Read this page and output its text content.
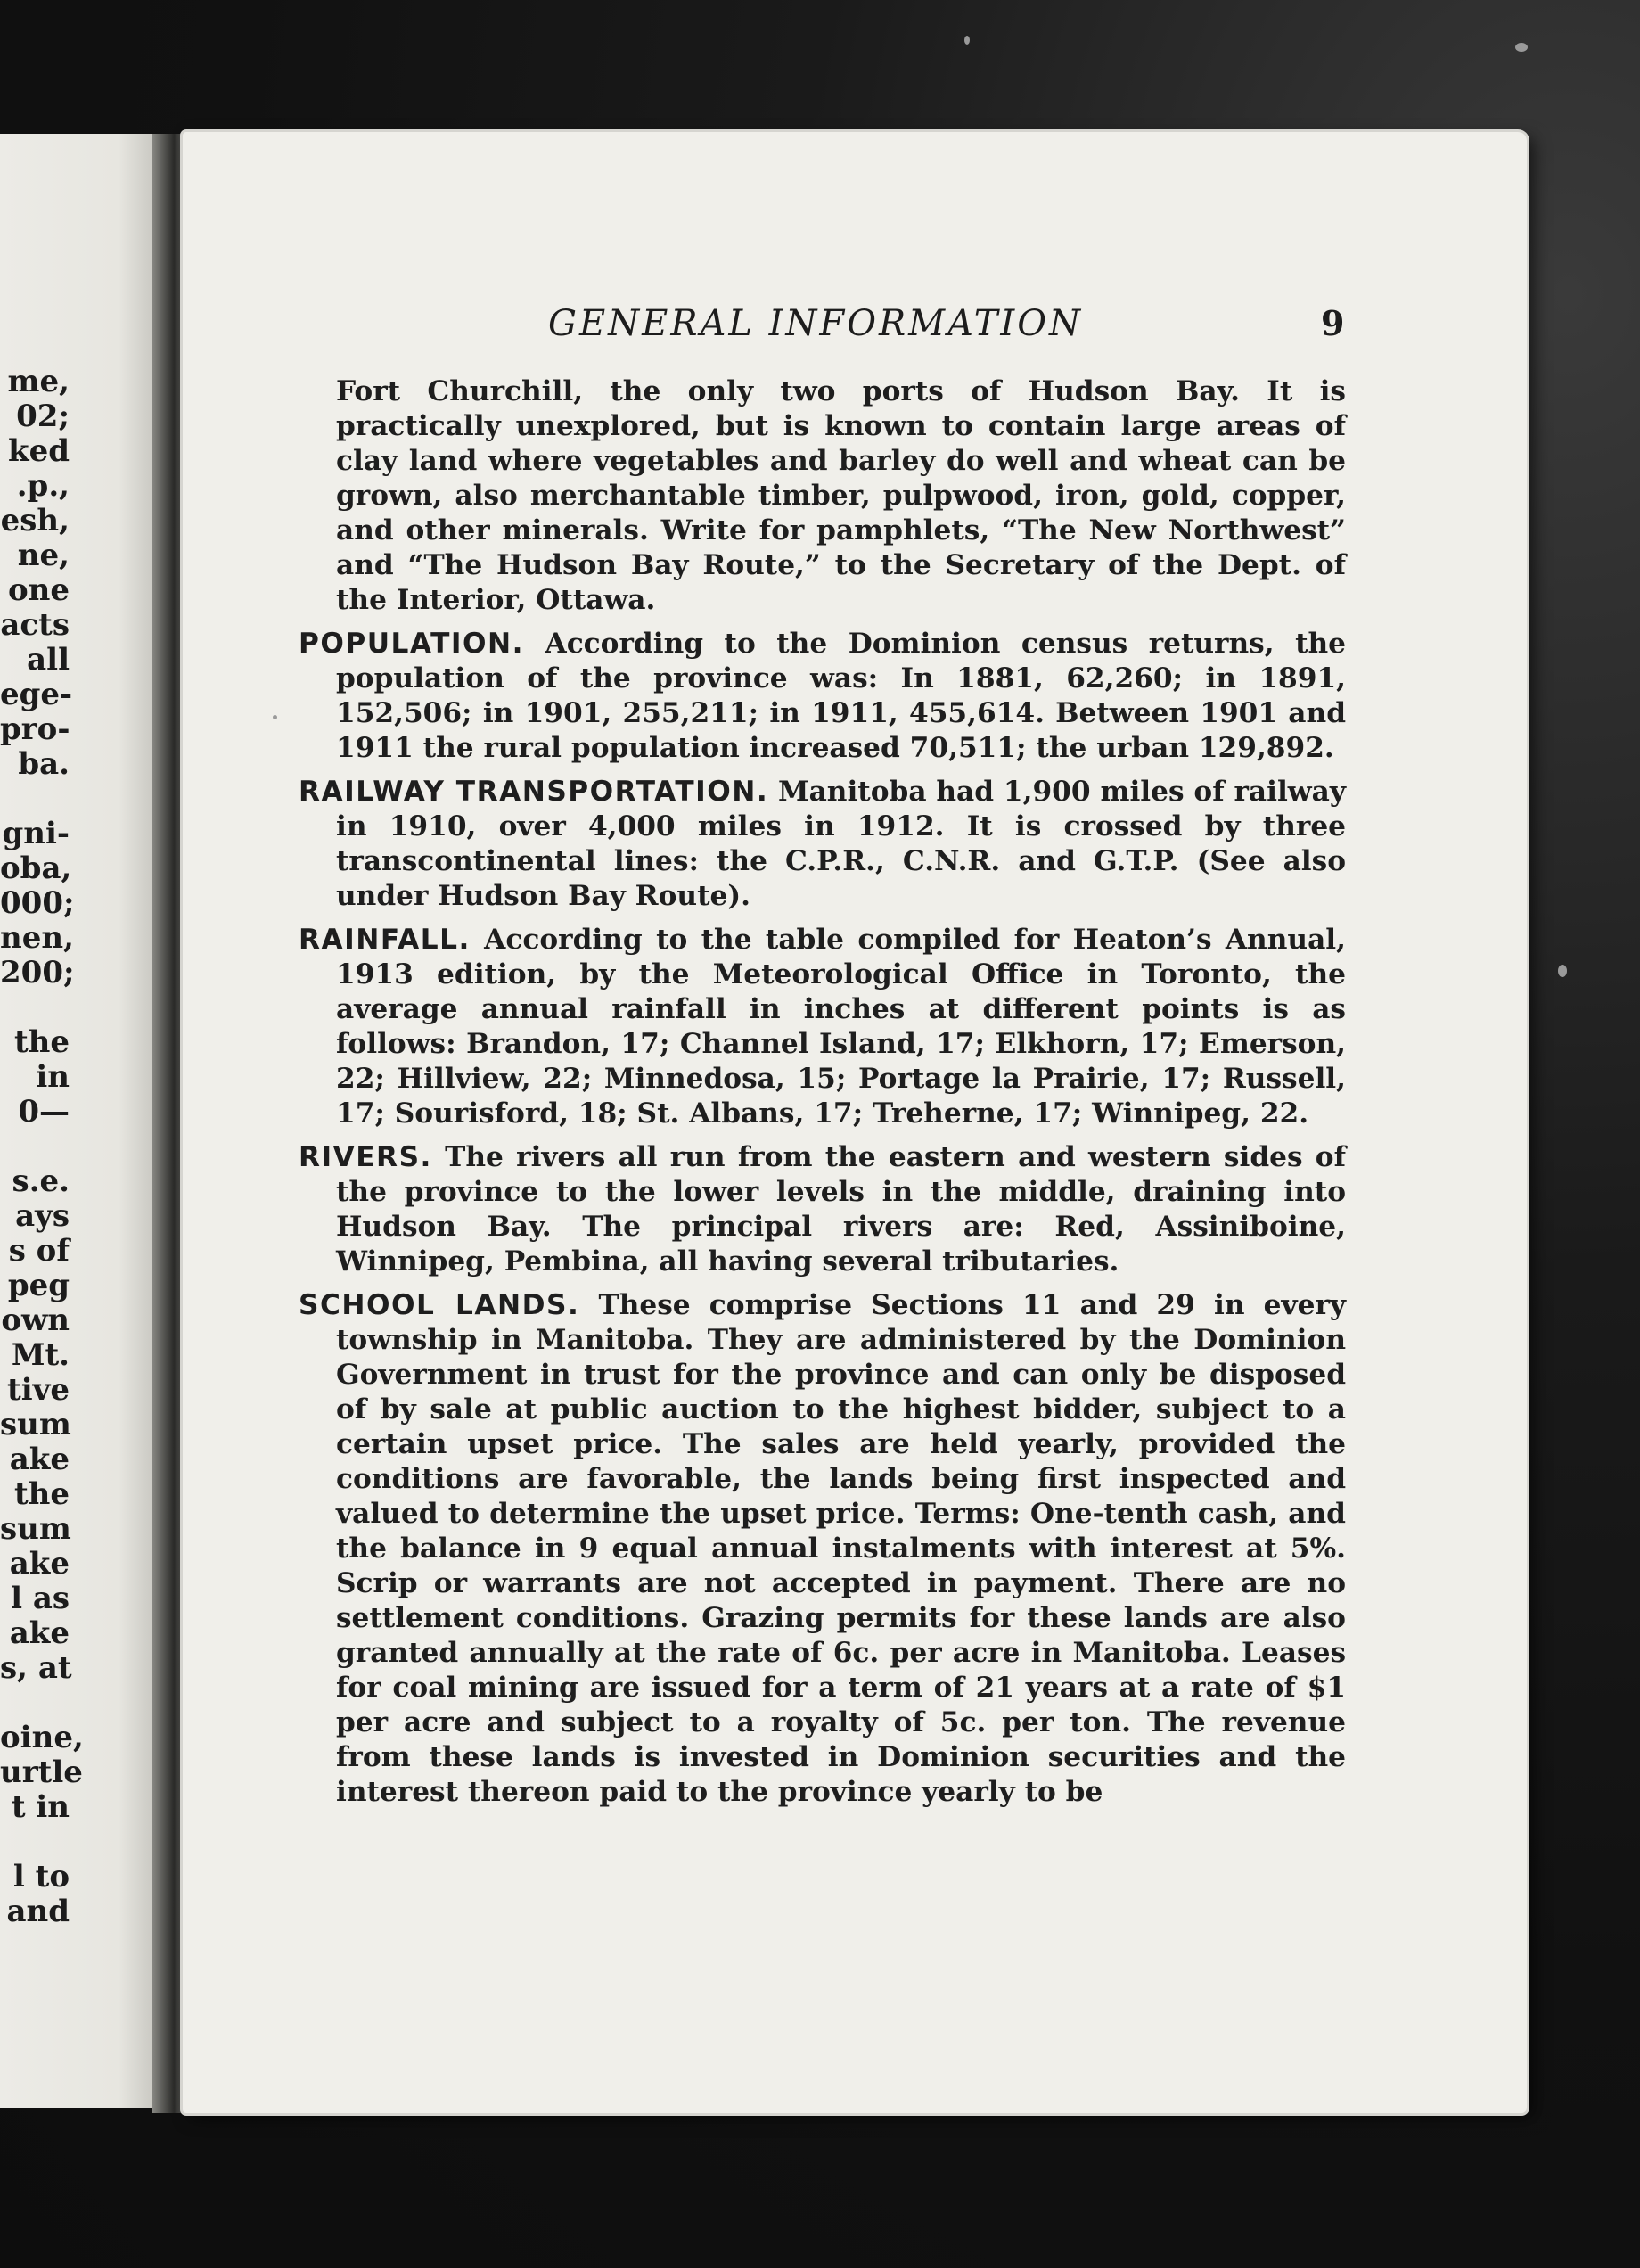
me,
02;
ked
.p.,
esh,
ne,
one
acts
all
ege-
pro-
ba.
gni-
oba,
000;
nen,
200;
the
in
0—
s.e.
ays
s of
peg
own
Mt.
tive
sum
ake
the
sum
ake
l as
ake
s, at
oine,
urtle
t in
l to
and
GENERAL INFORMATION	9

Fort Churchill, the only two ports of Hudson Bay. It is practically unexplored, but is known to contain large areas of clay land where vegetables and barley do well and wheat can be grown, also merchantable timber, pulpwood, iron, gold, copper, and other minerals. Write for pamphlets, “The New Northwest” and “The Hudson Bay Route,” to the Secretary of the Dept. of the Interior, Ottawa.

POPULATION. According to the Dominion census returns, the population of the province was: In 1881, 62,260; in 1891, 152,506; in 1901, 255,211; in 1911, 455,614. Between 1901 and 1911 the rural population increased 70,511; the urban 129,892.

RAILWAY TRANSPORTATION. Manitoba had 1,900 miles of railway in 1910, over 4,000 miles in 1912. It is crossed by three transcontinental lines: the C.P.R., C.N.R. and G.T.P. (See also under Hudson Bay Route).

RAINFALL. According to the table compiled for Heaton’s Annual, 1913 edition, by the Meteorological Office in Toronto, the average annual rainfall in inches at different points is as follows: Brandon, 17; Channel Island, 17; Elkhorn, 17; Emerson, 22; Hillview, 22; Minnedosa, 15; Portage la Prairie, 17; Russell, 17; Sourisford, 18; St. Albans, 17; Treherne, 17; Winnipeg, 22.

RIVERS. The rivers all run from the eastern and western sides of the province to the lower levels in the middle, draining into Hudson Bay. The principal rivers are: Red, Assiniboine, Winnipeg, Pembina, all having several tributaries.

SCHOOL LANDS. These comprise Sections 11 and 29 in every township in Manitoba. They are administered by the Dominion Government in trust for the province and can only be disposed of by sale at public auction to the highest bidder, subject to a certain upset price. The sales are held yearly, provided the conditions are favorable, the lands being first inspected and valued to determine the upset price. Terms: One-tenth cash, and the balance in 9 equal annual instalments with interest at 5%. Scrip or warrants are not accepted in payment. There are no settlement conditions. Grazing permits for these lands are also granted annually at the rate of 6c. per acre in Manitoba. Leases for coal mining are issued for a term of 21 years at a rate of $1 per acre and subject to a royalty of 5c. per ton. The revenue from these lands is invested in Dominion securities and the interest thereon paid to the province yearly to be
